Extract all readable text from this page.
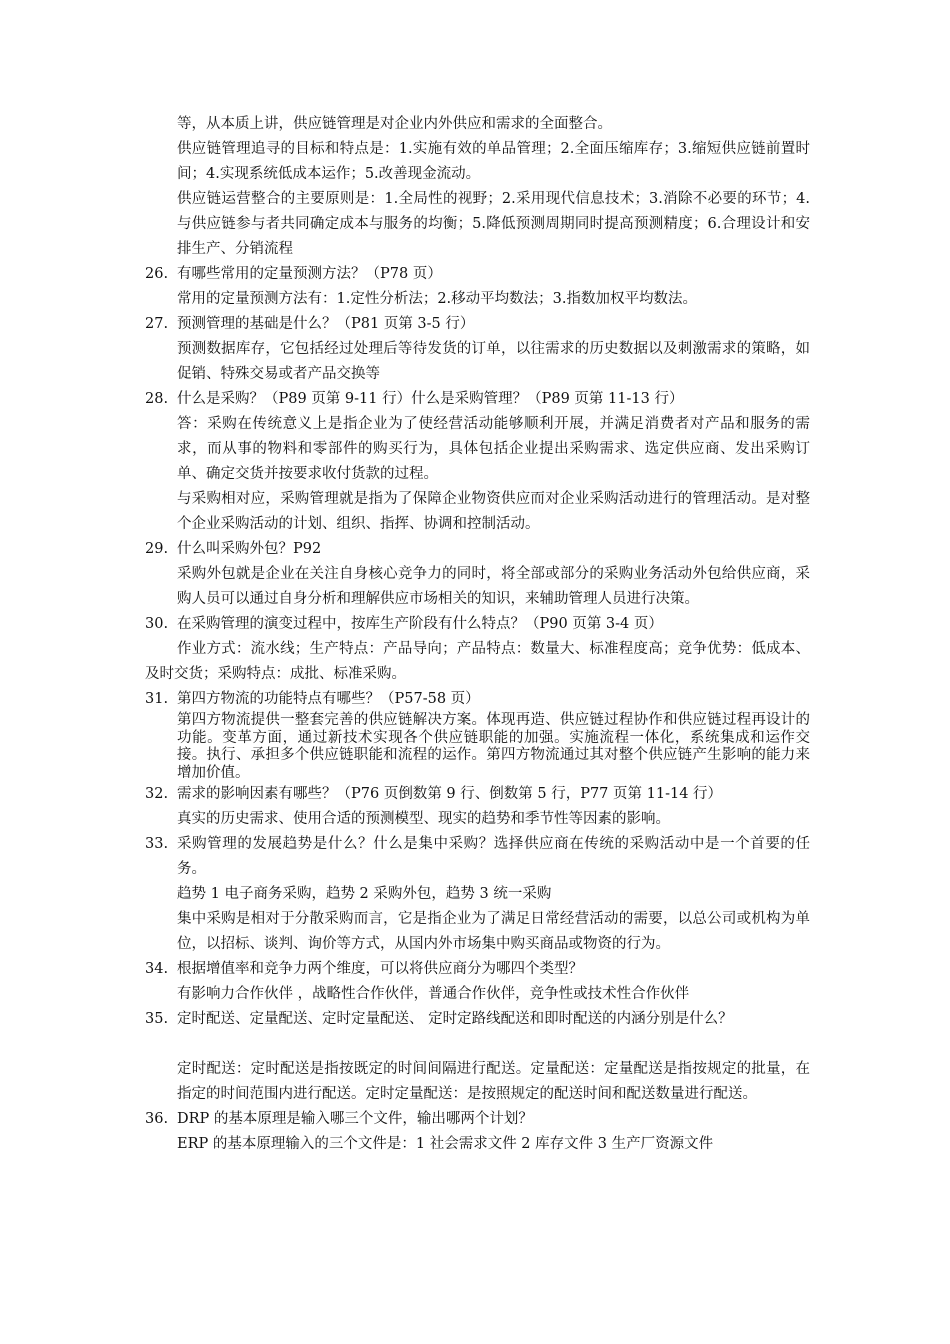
等，从本质上讲，供应链管理是对企业内外供应和需求的全面整合。

供应链管理追寻的目标和特点是：1.实施有效的单品管理；2.全面压缩库存；3.缩短供应链前置时间；4.实现系统低成本运作；5.改善现金流动。

供应链运营整合的主要原则是：1.全局性的视野；2.采用现代信息技术；3.消除不必要的环节；4.与供应链参与者共同确定成本与服务的均衡；5.降低预测周期同时提高预测精度；6.合理设计和安排生产、分销流程

26. 有哪些常用的定量预测方法？（P78 页）

常用的定量预测方法有：1.定性分析法；2.移动平均数法；3.指数加权平均数法。

27. 预测管理的基础是什么？（P81 页第 3-5 行）

预测数据库存，它包括经过处理后等待发货的订单，以往需求的历史数据以及刺激需求的策略，如促销、特殊交易或者产品交换等

28. 什么是采购？（P89 页第 9-11 行）什么是采购管理？（P89 页第 11-13 行）

答：采购在传统意义上是指企业为了使经营活动能够顺利开展，并满足消费者对产品和服务的需求，而从事的物料和零部件的购买行为，具体包括企业提出采购需求、选定供应商、发出采购订单、确定交货并按要求收付货款的过程。

与采购相对应，采购管理就是指为了保障企业物资供应而对企业采购活动进行的管理活动。是对整个企业采购活动的计划、组织、指挥、协调和控制活动。

29. 什么叫采购外包？P92

采购外包就是企业在关注自身核心竞争力的同时，将全部或部分的采购业务活动外包给供应商，采购人员可以通过自身分析和理解供应市场相关的知识，来辅助管理人员进行决策。

30. 在采购管理的演变过程中，按库生产阶段有什么特点？（P90 页第 3-4 页）

作业方式：流水线；生产特点：产品导向；产品特点：数量大、标准程度高；竞争优势：低成本、及时交货；采购特点：成批、标准采购。

31. 第四方物流的功能特点有哪些？（P57-58 页）

第四方物流提供一整套完善的供应链解决方案。体现再造、供应链过程协作和供应链过程再设计的功能。变革方面，通过新技术实现各个供应链职能的加强。实施流程一体化，系统集成和运作交接。执行、承担多个供应链职能和流程的运作。第四方物流通过其对整个供应链产生影响的能力来增加价值。

32. 需求的影响因素有哪些？（P76 页倒数第 9 行、倒数第 5 行，P77 页第 11-14 行）

真实的历史需求、使用合适的预测模型、现实的趋势和季节性等因素的影响。

33. 采购管理的发展趋势是什么？什么是集中采购？选择供应商在传统的采购活动中是一个首要的任务。

趋势 1 电子商务采购，趋势 2 采购外包，趋势 3 统一采购

集中采购是相对于分散采购而言，它是指企业为了满足日常经营活动的需要，以总公司或机构为单位，以招标、谈判、询价等方式，从国内外市场集中购买商品或物资的行为。

34. 根据增值率和竞争力两个维度，可以将供应商分为哪四个类型？

有影响力合作伙伴 ，战略性合作伙伴，普通合作伙伴，竞争性或技术性合作伙伴

35. 定时配送、定量配送、定时定量配送、 定时定路线配送和即时配送的内涵分别是什么？

定时配送：定时配送是指按既定的时间间隔进行配送。定量配送：定量配送是指按规定的批量，在指定的时间范围内进行配送。定时定量配送：是按照规定的配送时间和配送数量进行配送。

36. DRP 的基本原理是输入哪三个文件，输出哪两个计划？

ERP 的基本原理输入的三个文件是：1 社会需求文件 2 库存文件 3 生产厂资源文件
